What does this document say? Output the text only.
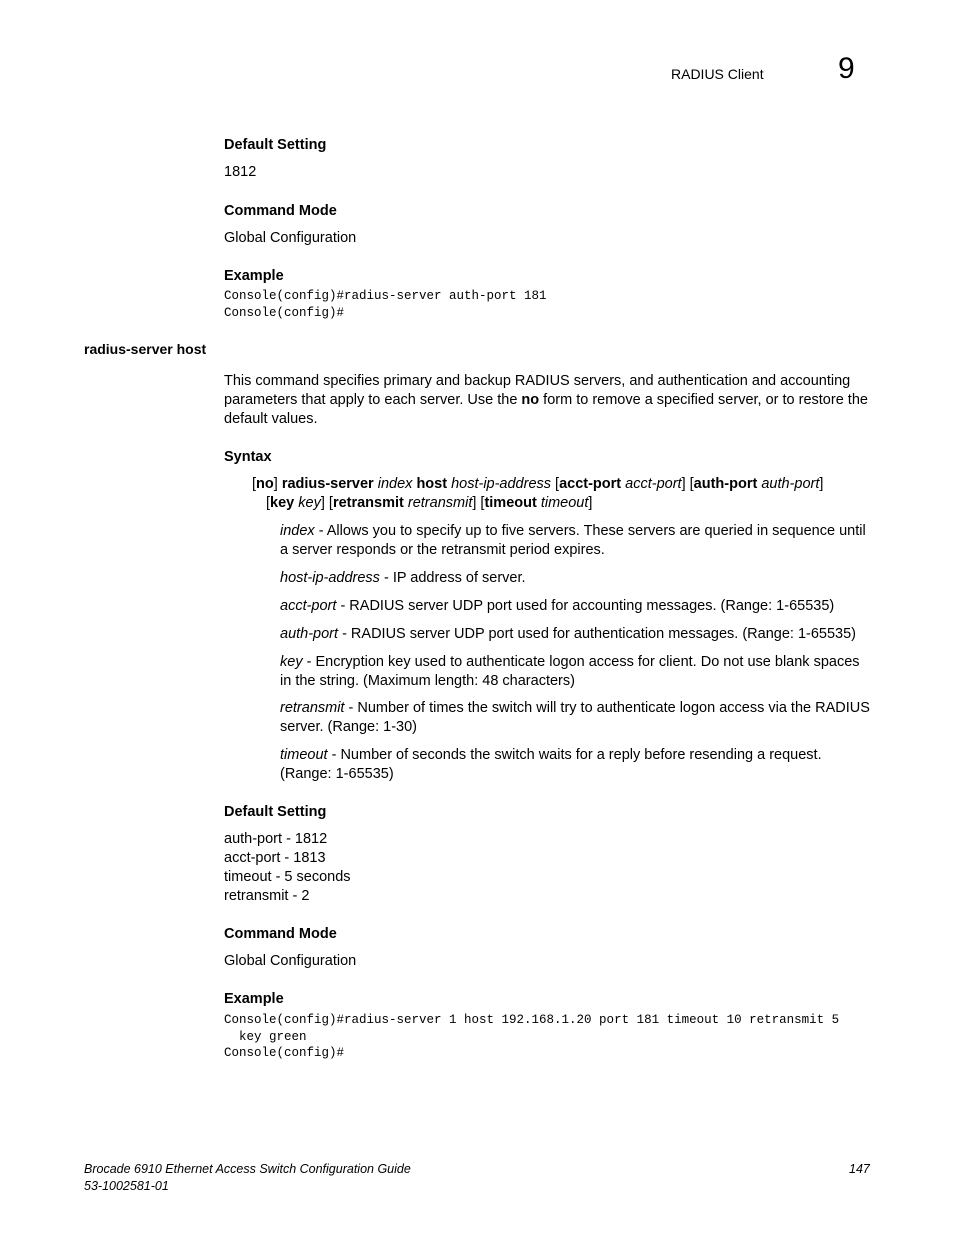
RADIUS Client 9
Default Setting
1812
Command Mode
Global Configuration
Example
Console(config)#radius-server auth-port 181
Console(config)#
radius-server host
This command specifies primary and backup RADIUS servers, and authentication and accounting parameters that apply to each server. Use the no form to remove a specified server, or to restore the default values.
Syntax
[no] radius-server index host host-ip-address [acct-port acct-port] [auth-port auth-port]
[key key] [retransmit retransmit] [timeout timeout]
index - Allows you to specify up to five servers. These servers are queried in sequence until a server responds or the retransmit period expires.
host-ip-address - IP address of server.
acct-port - RADIUS server UDP port used for accounting messages. (Range: 1-65535)
auth-port - RADIUS server UDP port used for authentication messages. (Range: 1-65535)
key - Encryption key used to authenticate logon access for client. Do not use blank spaces in the string. (Maximum length: 48 characters)
retransmit - Number of times the switch will try to authenticate logon access via the RADIUS server. (Range: 1-30)
timeout - Number of seconds the switch waits for a reply before resending a request. (Range: 1-65535)
Default Setting
auth-port - 1812
acct-port - 1813
timeout - 5 seconds
retransmit - 2
Command Mode
Global Configuration
Example
Console(config)#radius-server 1 host 192.168.1.20 port 181 timeout 10 retransmit 5
key green
Console(config)#
Brocade 6910 Ethernet Access Switch Configuration Guide
53-1002581-01
147
